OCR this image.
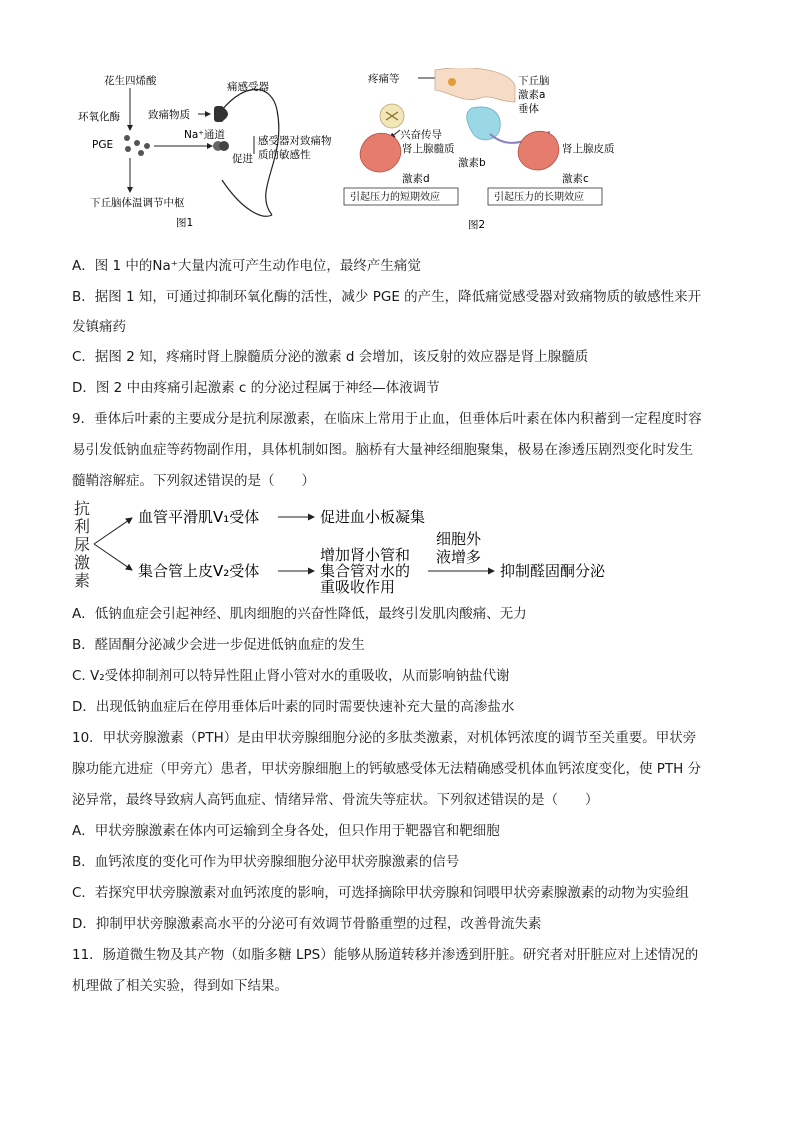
花生四烯酸
环氧化酶
PGE
下丘脑体温调节中枢
痛感受器
致痛物质
Na⁺通道
促进
感受器对致痛物
质的敏感性
图1
疼痛等	下丘脑
激素a
垂体
兴奋传导
肾上腺髓质
激素b
肾上腺皮质
激素d	激素c
引起压力的短期效应	引起压力的长期效应
图2
A．图 1 中的Na⁺大量内流可产生动作电位，最终产生痛觉
B．据图 1 知，可通过抑制环氧化酶的活性，减少 PGE 的产生，降低痛觉感受器对致痛物质的敏感性来开
发镇痛药
C．据图 2 知，疼痛时肾上腺髓质分泌的激素 d 会增加，该反射的效应器是肾上腺髓质
D．图 2 中由疼痛引起激素 c 的分泌过程属于神经—体液调节
9．垂体后叶素的主要成分是抗利尿激素，在临床上常用于止血，但垂体后叶素在体内积蓄到一定程度时容
易引发低钠血症等药物副作用，具体机制如图。脑桥有大量神经细胞聚集，极易在渗透压剧烈变化时发生
髓鞘溶解症。下列叙述错误的是（　　）
抗
利
尿
激
素
血管平滑肌V₁受体	促进血小板凝集
集合管上皮V₂受体
增加肾小管和
集合管对水的
重吸收作用
细胞外
液增多
抑制醛固酮分泌
A．低钠血症会引起神经、肌肉细胞的兴奋性降低，最终引发肌肉酸痛、无力
B．醛固酮分泌减少会进一步促进低钠血症的发生
C. V₂受体抑制剂可以特异性阻止肾小管对水的重吸收，从而影响钠盐代谢
D．出现低钠血症后在停用垂体后叶素的同时需要快速补充大量的高渗盐水
10．甲状旁腺激素（PTH）是由甲状旁腺细胞分泌的多肽类激素，对机体钙浓度的调节至关重要。甲状旁
腺功能亢进症（甲旁亢）患者，甲状旁腺细胞上的钙敏感受体无法精确感受机体血钙浓度变化，使 PTH 分
泌异常，最终导致病人高钙血症、情绪异常、骨流失等症状。下列叙述错误的是（　　）
A．甲状旁腺激素在体内可运输到全身各处，但只作用于靶器官和靶细胞
B．血钙浓度的变化可作为甲状旁腺细胞分泌甲状旁腺激素的信号
C．若探究甲状旁腺激素对血钙浓度的影响，可选择摘除甲状旁腺和饲喂甲状旁素腺激素的动物为实验组
D．抑制甲状旁腺激素高水平的分泌可有效调节骨骼重塑的过程，改善骨流失素
11．肠道微生物及其产物（如脂多糖 LPS）能够从肠道转移并渗透到肝脏。研究者对肝脏应对上述情况的
机理做了相关实验，得到如下结果。
